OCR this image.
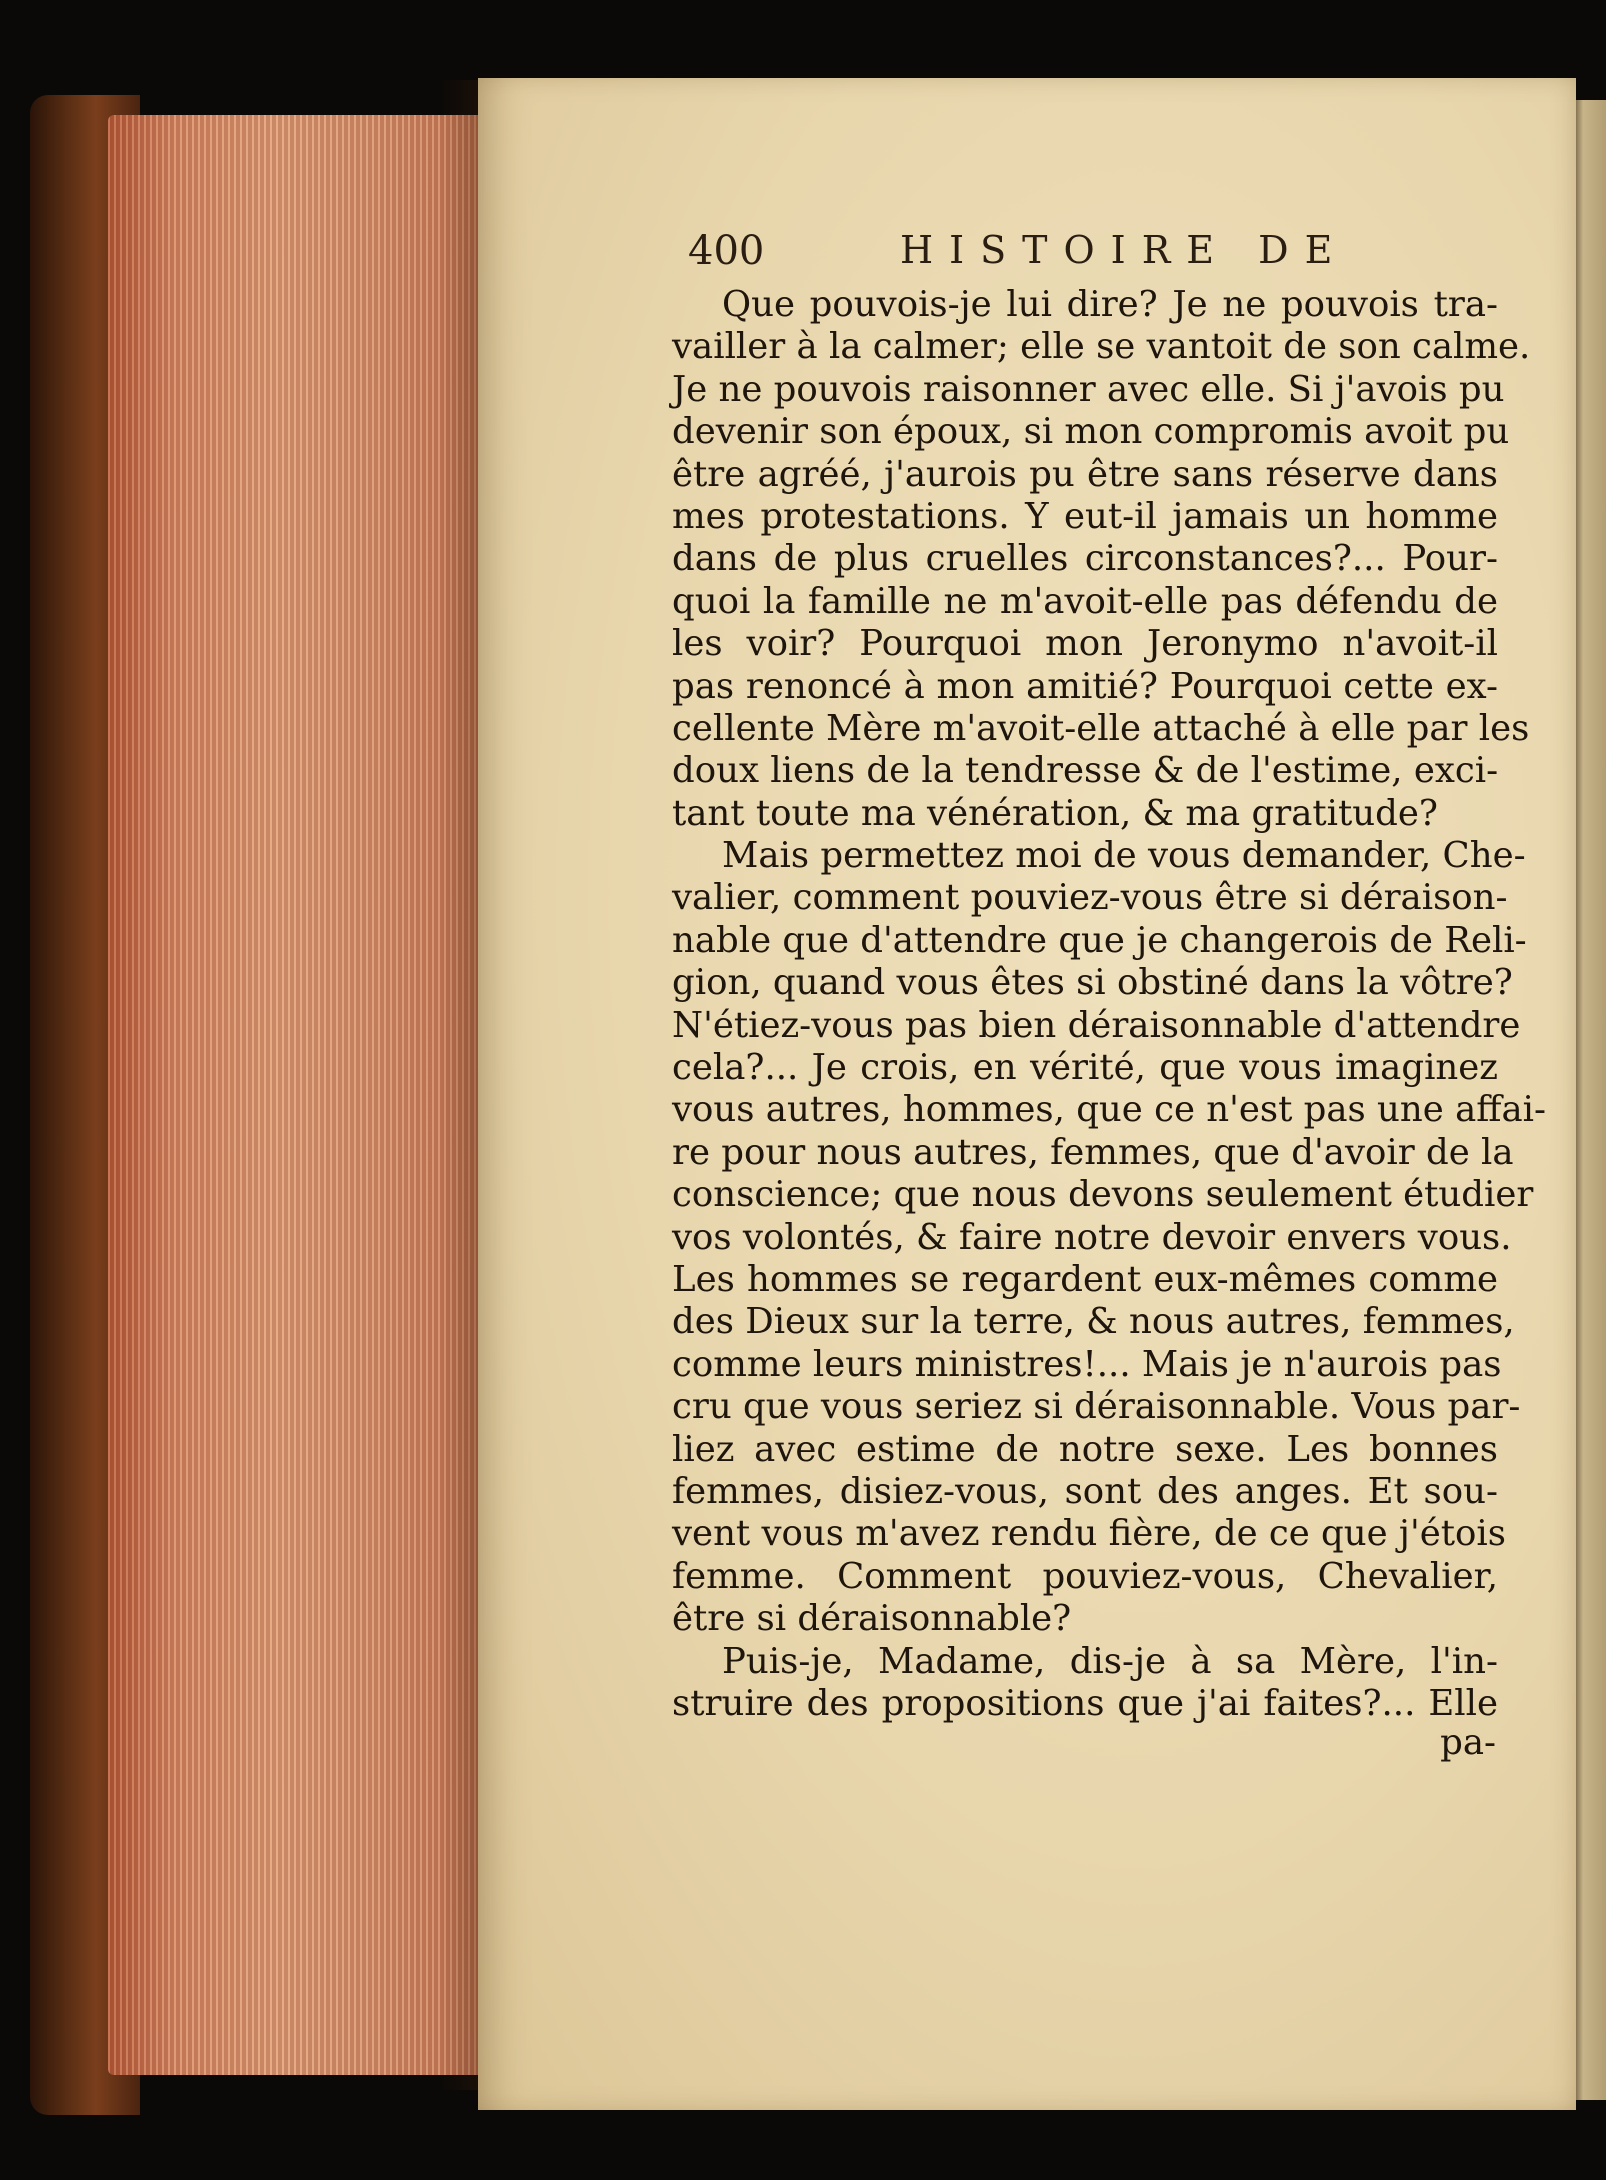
400	HISTOIRE DE
Que pouvois-je lui dire? Je ne pouvois tra-
vailler à la calmer; elle se vantoit de son calme.
Je ne pouvois raisonner avec elle. Si j'avois pu
devenir son époux, si mon compromis avoit pu
être agréé, j'aurois pu être sans réserve dans
mes protestations. Y eut-il jamais un homme
dans de plus cruelles circonstances?... Pour-
quoi la famille ne m'avoit-elle pas défendu de
les voir? Pourquoi mon Jeronymo n'avoit-il
pas renoncé à mon amitié? Pourquoi cette ex-
cellente Mère m'avoit-elle attaché à elle par les
doux liens de la tendresse & de l'estime, exci-
tant toute ma vénération, & ma gratitude?
Mais permettez moi de vous demander, Che-
valier, comment pouviez-vous être si déraison-
nable que d'attendre que je changerois de Reli-
gion, quand vous êtes si obstiné dans la vôtre?
N'étiez-vous pas bien déraisonnable d'attendre
cela?... Je crois, en vérité, que vous imaginez
vous autres, hommes, que ce n'est pas une affai-
re pour nous autres, femmes, que d'avoir de la
conscience; que nous devons seulement étudier
vos volontés, & faire notre devoir envers vous.
Les hommes se regardent eux-mêmes comme
des Dieux sur la terre, & nous autres, femmes,
comme leurs ministres!... Mais je n'aurois pas
cru que vous seriez si déraisonnable. Vous par-
liez avec estime de notre sexe. Les bonnes
femmes, disiez-vous, sont des anges. Et sou-
vent vous m'avez rendu fière, de ce que j'étois
femme. Comment pouviez-vous, Chevalier,
être si déraisonnable?
Puis-je, Madame, dis-je à sa Mère, l'in-
struire des propositions que j'ai faites?... Elle
pa-
